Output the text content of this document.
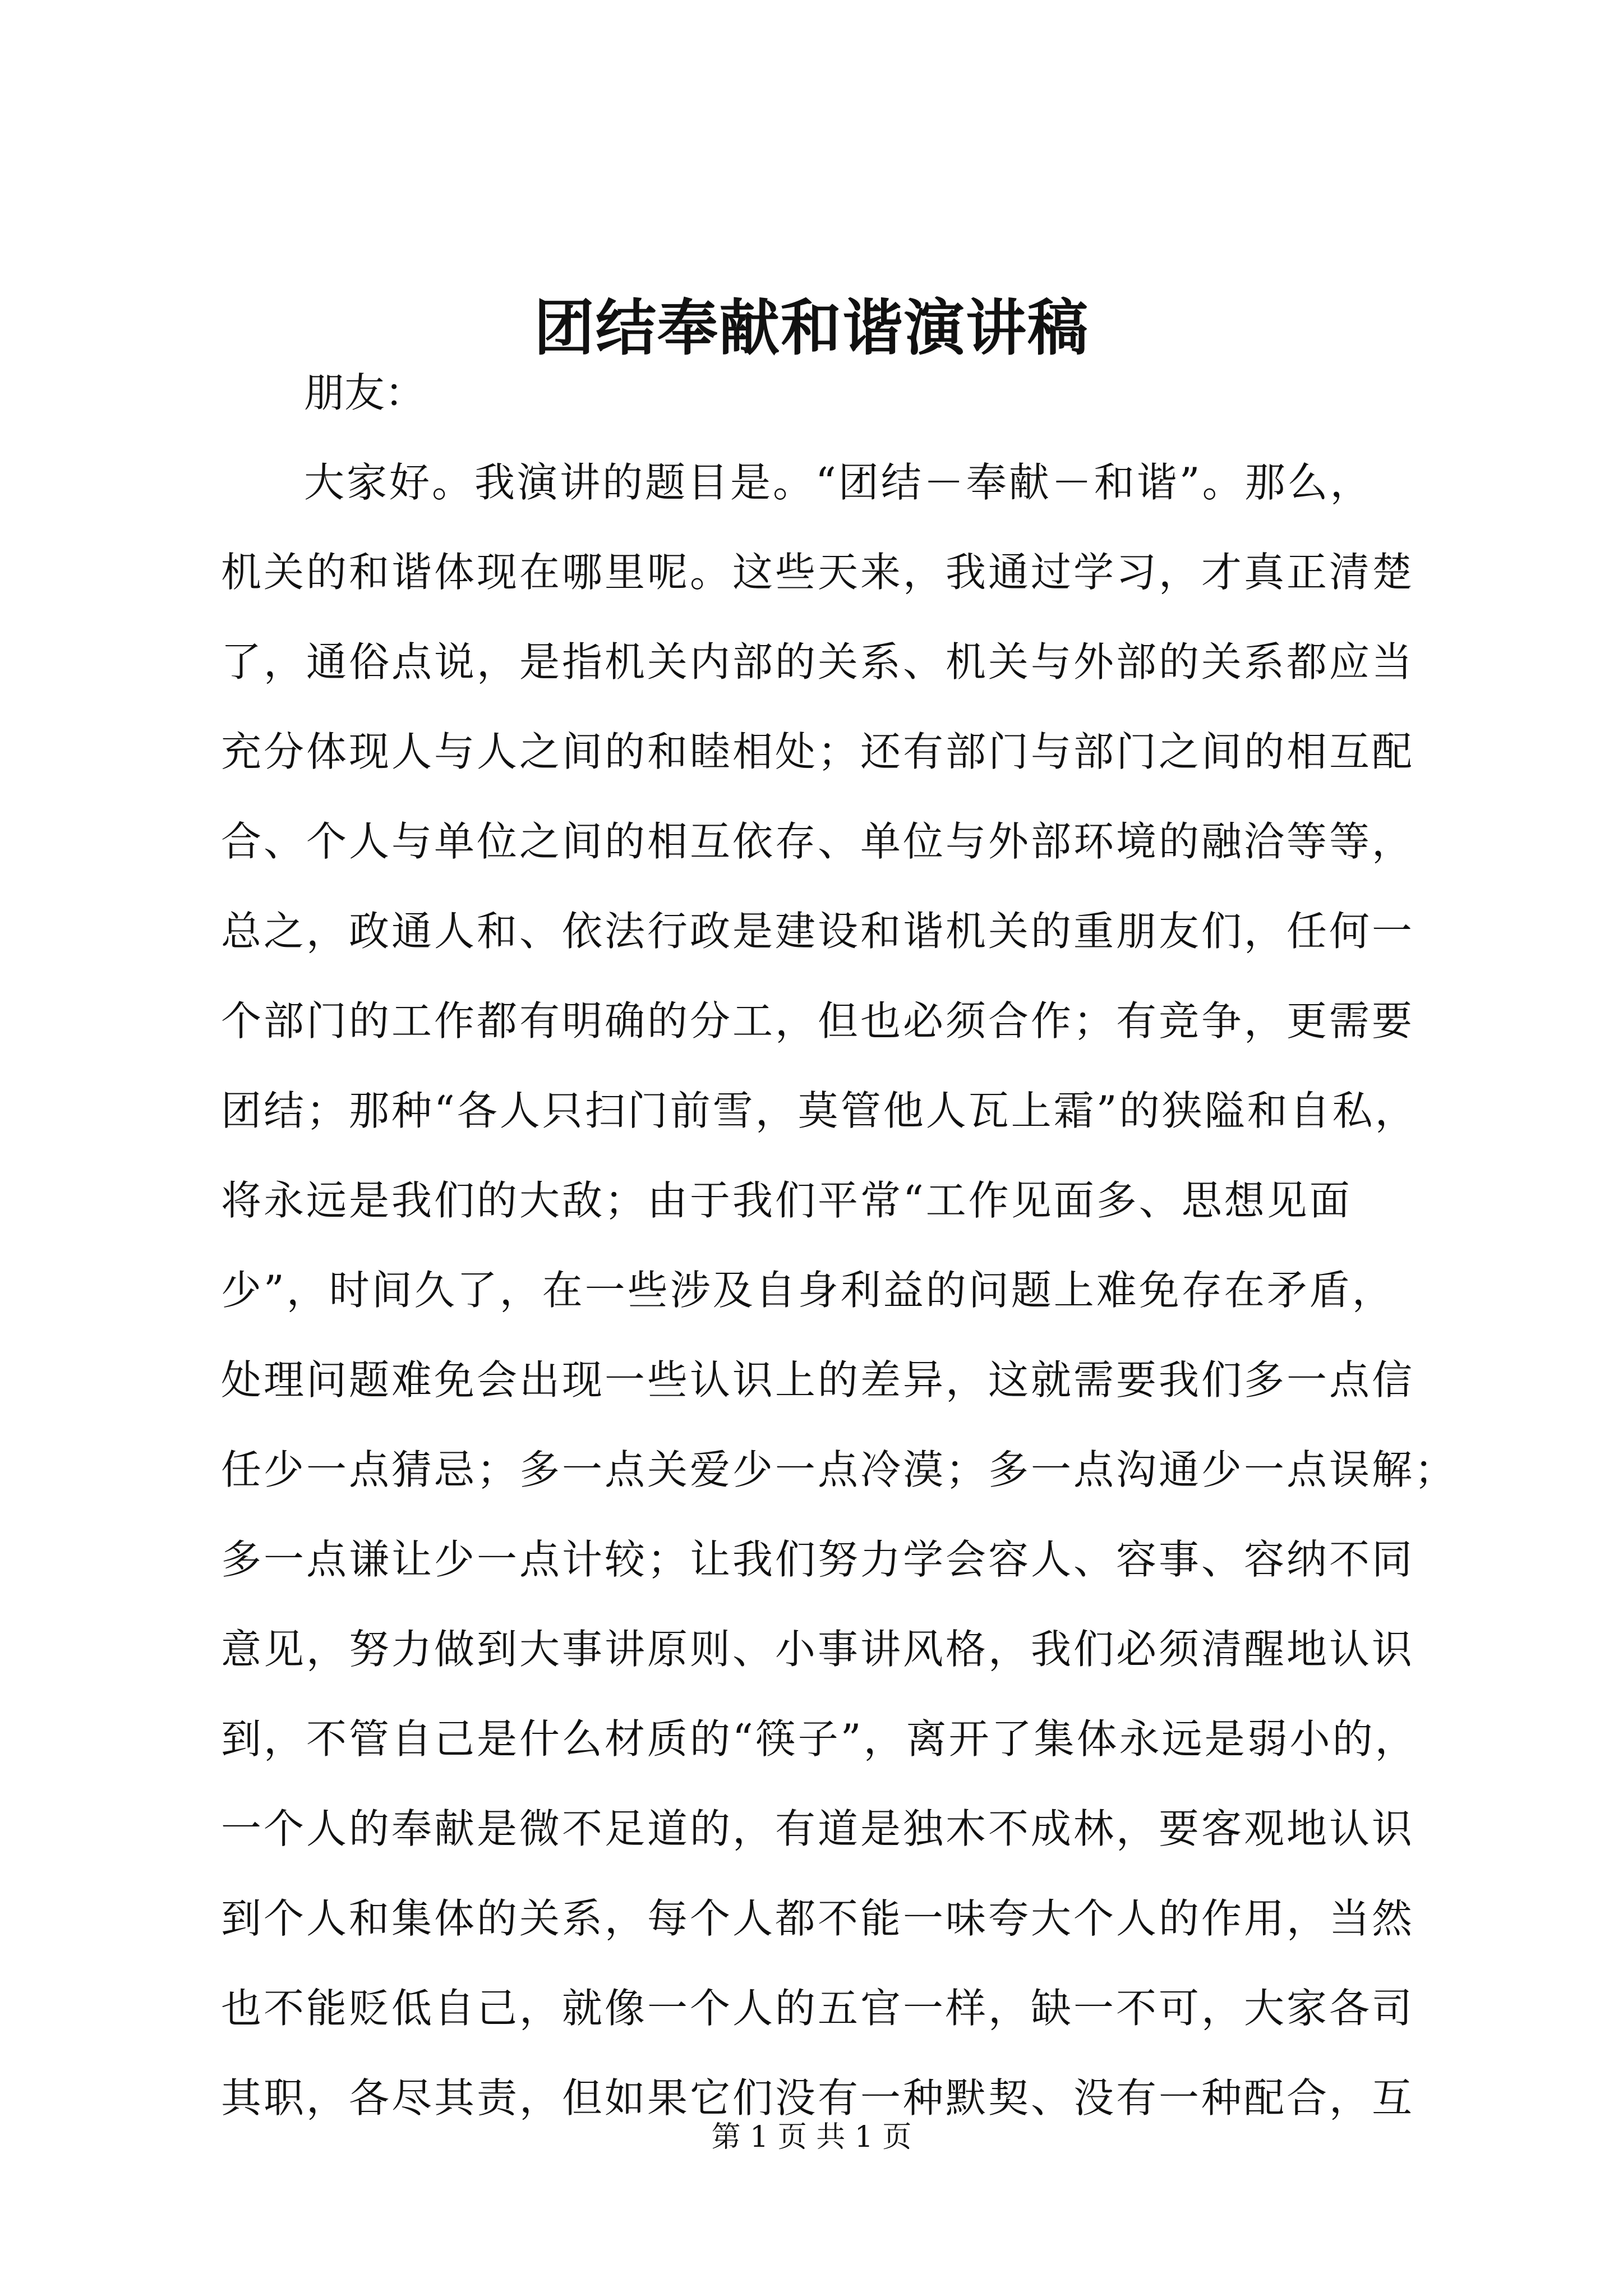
团结奉献和谐演讲稿
朋友：
大家好。我演讲的题目是。“团结－奉献－和谐”。那么，
机关的和谐体现在哪里呢。这些天来，我通过学习，才真正清楚
了，通俗点说，是指机关内部的关系、机关与外部的关系都应当
充分体现人与人之间的和睦相处；还有部门与部门之间的相互配
合、个人与单位之间的相互依存、单位与外部环境的融洽等等，
总之，政通人和、依法行政是建设和谐机关的重朋友们，任何一
个部门的工作都有明确的分工，但也必须合作；有竞争，更需要
团结；那种“各人只扫门前雪，莫管他人瓦上霜”的狭隘和自私，
将永远是我们的大敌；由于我们平常“工作见面多、思想见面
少”，时间久了，在一些涉及自身利益的问题上难免存在矛盾，
处理问题难免会出现一些认识上的差异，这就需要我们多一点信
任少一点猜忌；多一点关爱少一点冷漠；多一点沟通少一点误解；
多一点谦让少一点计较；让我们努力学会容人、容事、容纳不同
意见，努力做到大事讲原则、小事讲风格，我们必须清醒地认识
到，不管自己是什么材质的“筷子”，离开了集体永远是弱小的，
一个人的奉献是微不足道的，有道是独木不成林，要客观地认识
到个人和集体的关系，每个人都不能一味夸大个人的作用，当然
也不能贬低自己，就像一个人的五官一样，缺一不可，大家各司
其职，各尽其责，但如果它们没有一种默契、没有一种配合，互
第 1 页 共 1 页
